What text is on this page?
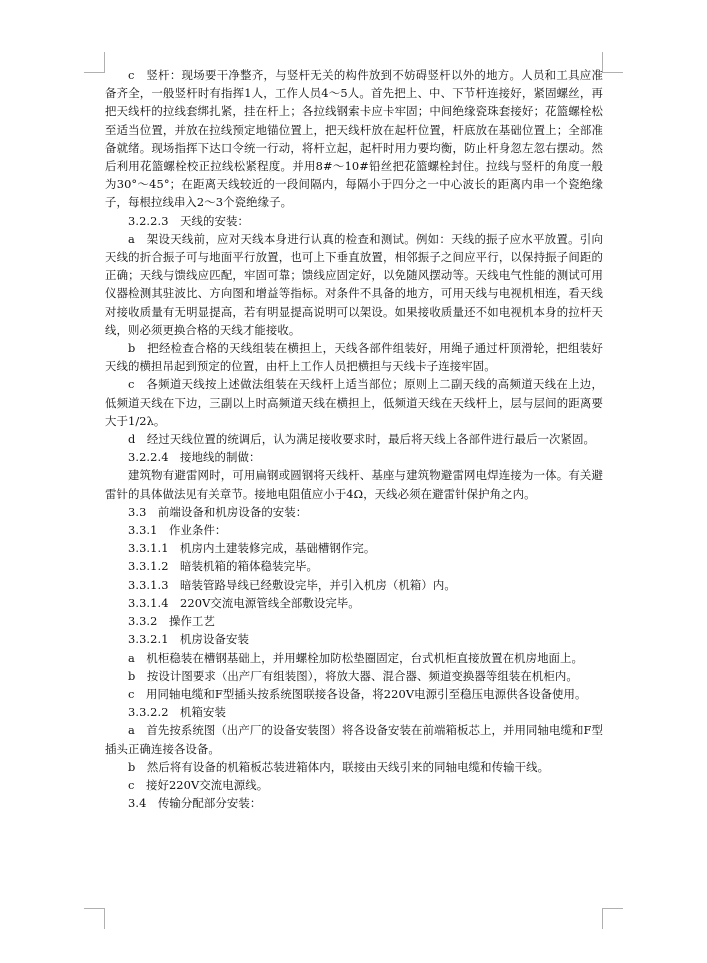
c　竖杆：现场要干净整齐，与竖杆无关的构件放到不妨碍竖杆以外的地方。人员和工具应准备齐全，一般竖杆时有指挥1人，工作人员4～5人。首先把上、中、下节杆连接好，紧固螺丝，再把天线杆的拉线套绑扎紧，挂在杆上；各拉线钢索卡应卡牢固；中间绝缘瓷珠套接好；花篮螺栓松至适当位置，并放在拉线预定地锚位置上，把天线杆放在起杆位置，杆底放在基础位置上；全部准备就绪。现场指挥下达口令统一行动，将杆立起，起杆时用力要均衡，防止杆身忽左忽右摆动。然后利用花篮螺栓校正拉线松紧程度。并用8#～10#铅丝把花篮螺栓封住。拉线与竖杆的角度一般为30°～45°；在距离天线较近的一段间隔内，每隔小于四分之一中心波长的距离内串一个瓷绝缘子，每根拉线串入2～3个瓷绝缘子。

3.2.2.3　天线的安装：

a　架设天线前，应对天线本身进行认真的检查和测试。例如：天线的振子应水平放置。引向天线的折合振子可与地面平行放置，也可上下垂直放置，相邻振子之间应平行，以保持振子间距的正确；天线与馈线应匹配，牢固可靠；馈线应固定好，以免随风摆动等。天线电气性能的测试可用仪器检测其驻波比、方向图和增益等指标。对条件不具备的地方，可用天线与电视机相连，看天线对接收质量有无明显提高，若有明显提高说明可以架设。如果接收质量还不如电视机本身的拉杆天线，则必须更换合格的天线才能接收。

b　把经检查合格的天线组装在横担上，天线各部件组装好，用绳子通过杆顶滑轮，把组装好天线的横担吊起到预定的位置，由杆上工作人员把横担与天线卡子连接牢固。

c　各频道天线按上述做法组装在天线杆上适当部位；原则上二副天线的高频道天线在上边，低频道天线在下边，三副以上时高频道天线在横担上，低频道天线在天线杆上，层与层间的距离要大于1/2λ。

d　经过天线位置的统调后，认为满足接收要求时，最后将天线上各部件进行最后一次紧固。

3.2.2.4　接地线的制做：

建筑物有避雷网时，可用扁钢或圆钢将天线杆、基座与建筑物避雷网电焊连接为一体。有关避雷针的具体做法见有关章节。接地电阻值应小于4Ω，天线必须在避雷针保护角之内。

3.3　前端设备和机房设备的安装：

3.3.1　作业条件：

3.3.1.1　机房内土建装修完成，基础槽钢作完。

3.3.1.2　暗装机箱的箱体稳装完毕。

3.3.1.3　暗装管路导线已经敷设完毕，并引入机房（机箱）内。

3.3.1.4　220V交流电源管线全部敷设完毕。

3.3.2　操作工艺

3.3.2.1　机房设备安装

a　机柜稳装在槽钢基础上，并用螺栓加防松垫圈固定，台式机柜直接放置在机房地面上。

b　按设计图要求（出产厂有组装图），将放大器、混合器、频道变换器等组装在机柜内。

c　用同轴电缆和F型插头按系统图联接各设备，将220V电源引至稳压电源供各设备使用。

3.3.2.2　机箱安装

a　首先按系统图（出产厂的设备安装图）将各设备安装在前端箱板芯上，并用同轴电缆和F型插头正确连接各设备。

b　然后将有设备的机箱板芯装进箱体内，联接由天线引来的同轴电缆和传输干线。

c　接好220V交流电源线。

3.4　传输分配部分安装：
